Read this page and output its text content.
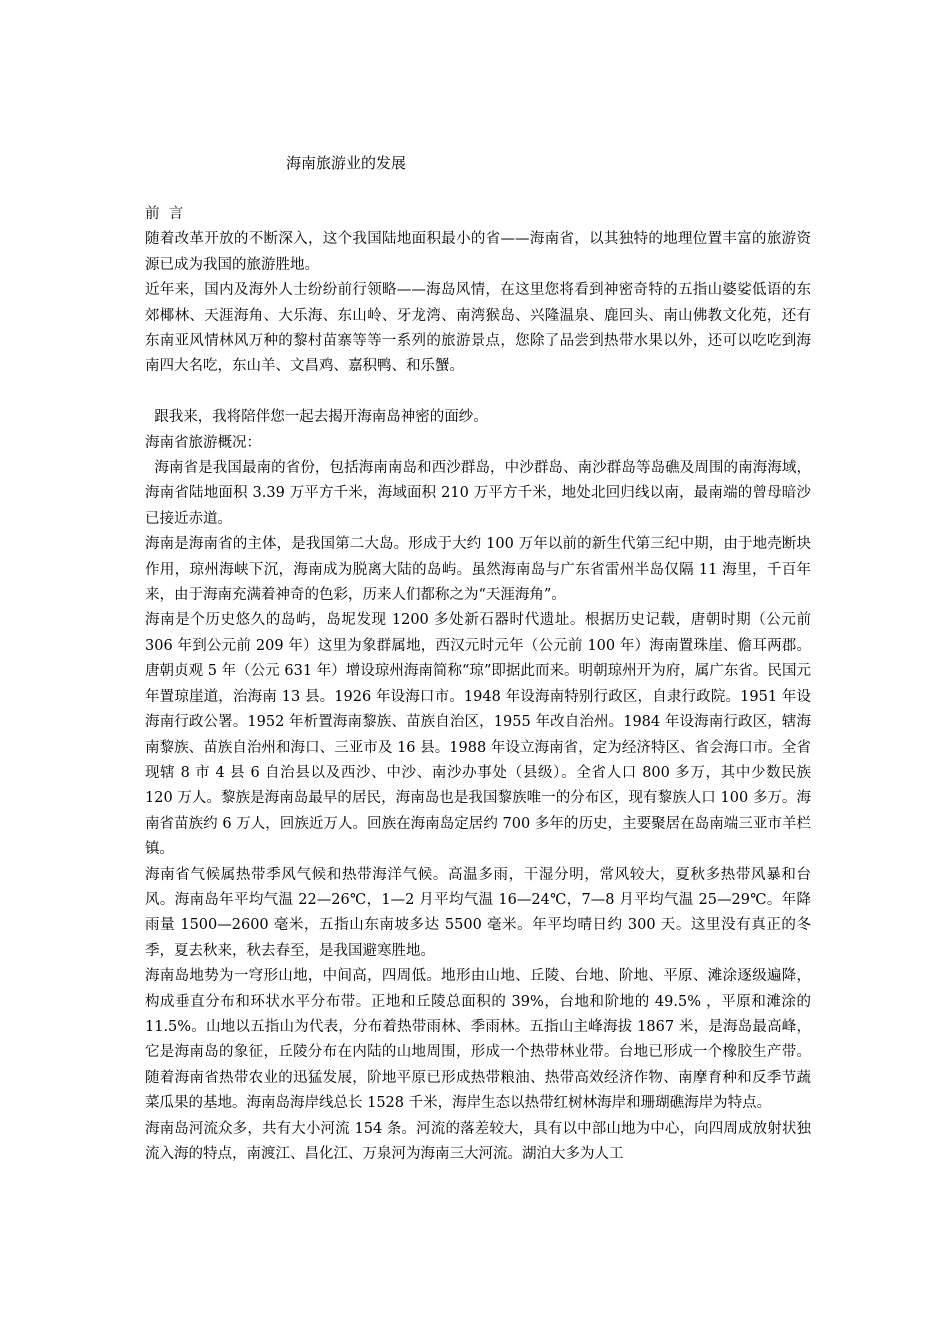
海南旅游业的发展

前  言

随着改革开放的不断深入，这个我国陆地面积最小的省——海南省，以其独特的地理位置丰富的旅游资源已成为我国的旅游胜地。

近年来，国内及海外人士纷纷前行领略——海岛风情，在这里您将看到神密奇特的五指山婆娑低语的东郊椰林、天涯海角、大乐海、东山岭、牙龙湾、南湾猴岛、兴隆温泉、鹿回头、南山佛教文化苑，还有东南亚风情林风万种的黎村苗寨等等一系列的旅游景点，您除了品尝到热带水果以外，还可以吃吃到海南四大名吃，东山羊、文昌鸡、嘉积鸭、和乐蟹。

跟我来，我将陪伴您一起去揭开海南岛神密的面纱。

海南省旅游概况：

海南省是我国最南的省份，包括海南南岛和西沙群岛，中沙群岛、南沙群岛等岛礁及周围的南海海域，海南省陆地面积 3.39 万平方千米，海域面积 210 万平方千米，地处北回归线以南，最南端的曾母暗沙已接近赤道。

海南是海南省的主体，是我国第二大岛。形成于大约 100 万年以前的新生代第三纪中期，由于地壳断块作用，琼州海峡下沉，海南成为脱离大陆的岛屿。虽然海南岛与广东省雷州半岛仅隔 11 海里，千百年来，由于海南充满着神奇的色彩，历来人们都称之为“天涯海角”。

海南是个历史悠久的岛屿，岛坭发现 1200 多处新石器时代遗址。根据历史记载，唐朝时期（公元前 306 年到公元前 209 年）这里为象群属地，西汉元时元年（公元前 100 年）海南置珠崖、儋耳两郡。唐朝贞观 5 年（公元 631 年）增设琼州海南简称“琼”即据此而来。明朝琼州开为府，属广东省。民国元年置琼崖道，治海南 13 县。1926 年设海口市。1948 年设海南特别行政区，自隶行政院。1951 年设海南行政公署。1952 年析置海南黎族、苗族自治区，1955 年改自治州。1984 年设海南行政区，辖海南黎族、苗族自治州和海口、三亚市及 16 县。1988 年设立海南省，定为经济特区、省会海口市。全省现辖 8 市 4 县 6 自治县以及西沙、中沙、南沙办事处（县级）。全省人口 800 多万，其中少数民族 120 万人。黎族是海南岛最早的居民，海南岛也是我国黎族唯一的分布区，现有黎族人口 100 多万。海南省苗族约 6 万人，回族近万人。回族在海南岛定居约 700 多年的历史，主要聚居在岛南端三亚市羊栏镇。

海南省气候属热带季风气候和热带海洋气候。高温多雨，干湿分明，常风较大，夏秋多热带风暴和台风。海南岛年平均气温 22—26℃，1—2 月平均气温 16—24℃，7—8 月平均气温 25—29℃。年降雨量 1500—2600 毫米，五指山东南坡多达 5500 毫米。年平均晴日约 300 天。这里没有真正的冬季，夏去秋来，秋去春至，是我国避寒胜地。

海南岛地势为一穹形山地，中间高，四周低。地形由山地、丘陵、台地、阶地、平原、滩涂逐级遍降，构成垂直分布和环状水平分布带。正地和丘陵总面积的 39%，台地和阶地的 49.5% ，平原和滩涂的 11.5%。山地以五指山为代表，分布着热带雨林、季雨林。五指山主峰海拔 1867 米，是海岛最高峰，它是海南岛的象征，丘陵分布在内陆的山地周围，形成一个热带林业带。台地已形成一个橡胶生产带。随着海南省热带农业的迅猛发展，阶地平原已形成热带粮油、热带高效经济作物、南摩育种和反季节蔬菜瓜果的基地。海南岛海岸线总长 1528 千米，海岸生态以热带红树林海岸和珊瑚礁海岸为特点。

海南岛河流众多，共有大小河流 154 条。河流的落差较大，具有以中部山地为中心，向四周成放射状独流入海的特点，南渡江、昌化江、万泉河为海南三大河流。湖泊大多为人工
